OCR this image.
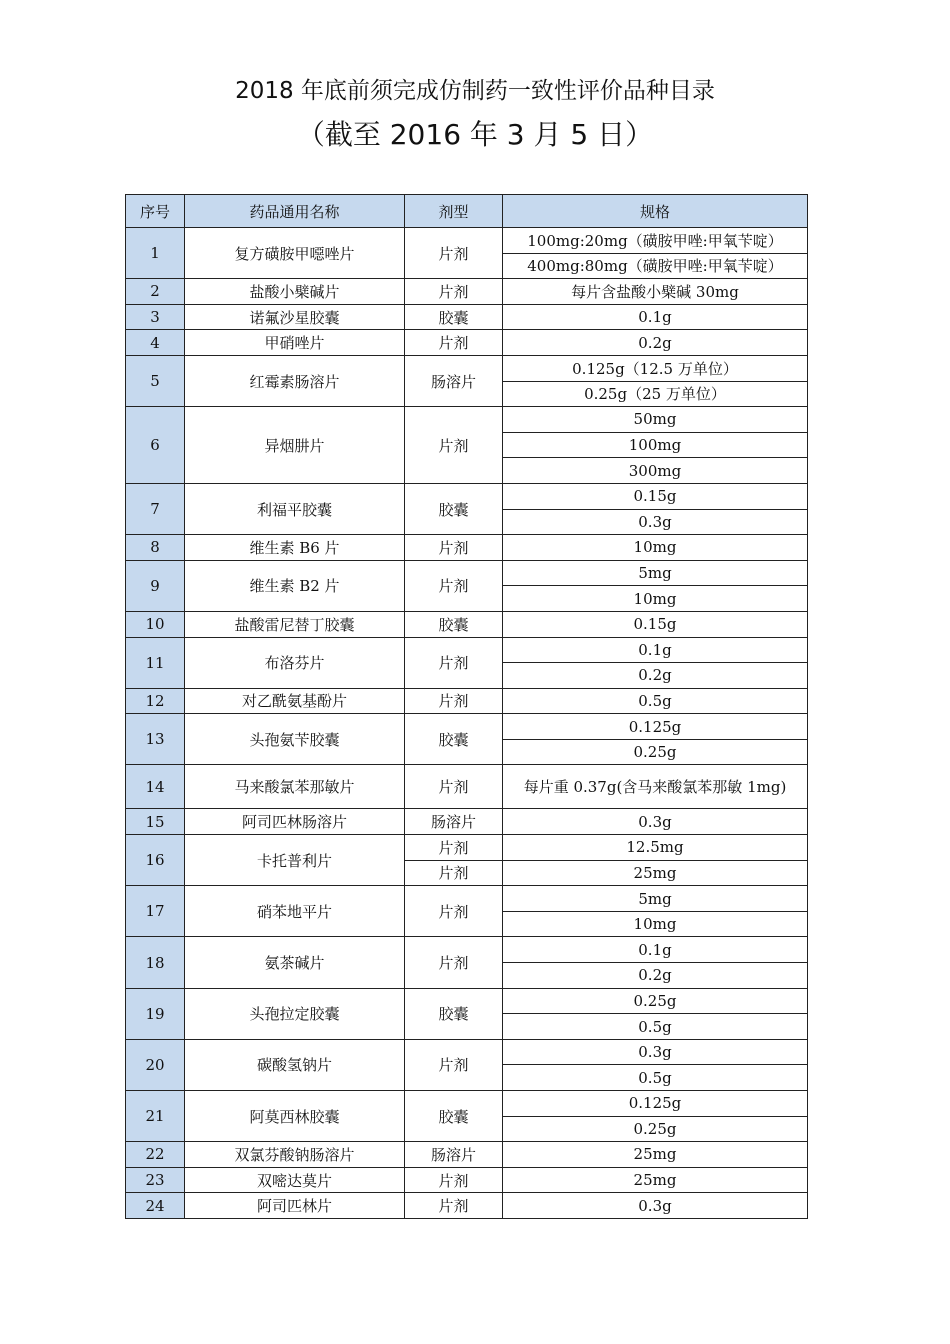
2018 年底前须完成仿制药一致性评价品种目录
（截至 2016 年 3 月 5 日）
序号	药品通用名称	剂型	规格
1	复方磺胺甲噁唑片	片剂	100mg:20mg（磺胺甲唑:甲氧苄啶）
			400mg:80mg（磺胺甲唑:甲氧苄啶）
2	盐酸小檗碱片	片剂	每片含盐酸小檗碱 30mg
3	诺氟沙星胶囊	胶囊	0.1g
4	甲硝唑片	片剂	0.2g
5	红霉素肠溶片	肠溶片	0.125g（12.5 万单位）
			0.25g（25 万单位）
6	异烟肼片	片剂	50mg
			100mg
			300mg
7	利福平胶囊	胶囊	0.15g
			0.3g
8	维生素 B6 片	片剂	10mg
9	维生素 B2 片	片剂	5mg
			10mg
10	盐酸雷尼替丁胶囊	胶囊	0.15g
11	布洛芬片	片剂	0.1g
			0.2g
12	对乙酰氨基酚片	片剂	0.5g
13	头孢氨苄胶囊	胶囊	0.125g
			0.25g
14	马来酸氯苯那敏片	片剂	每片重 0.37g(含马来酸氯苯那敏 1mg)
15	阿司匹林肠溶片	肠溶片	0.3g
16	卡托普利片	片剂	12.5mg
		片剂	25mg
17	硝苯地平片	片剂	5mg
			10mg
18	氨茶碱片	片剂	0.1g
			0.2g
19	头孢拉定胶囊	胶囊	0.25g
			0.5g
20	碳酸氢钠片	片剂	0.3g
			0.5g
21	阿莫西林胶囊	胶囊	0.125g
			0.25g
22	双氯芬酸钠肠溶片	肠溶片	25mg
23	双嘧达莫片	片剂	25mg
24	阿司匹林片	片剂	0.3g
